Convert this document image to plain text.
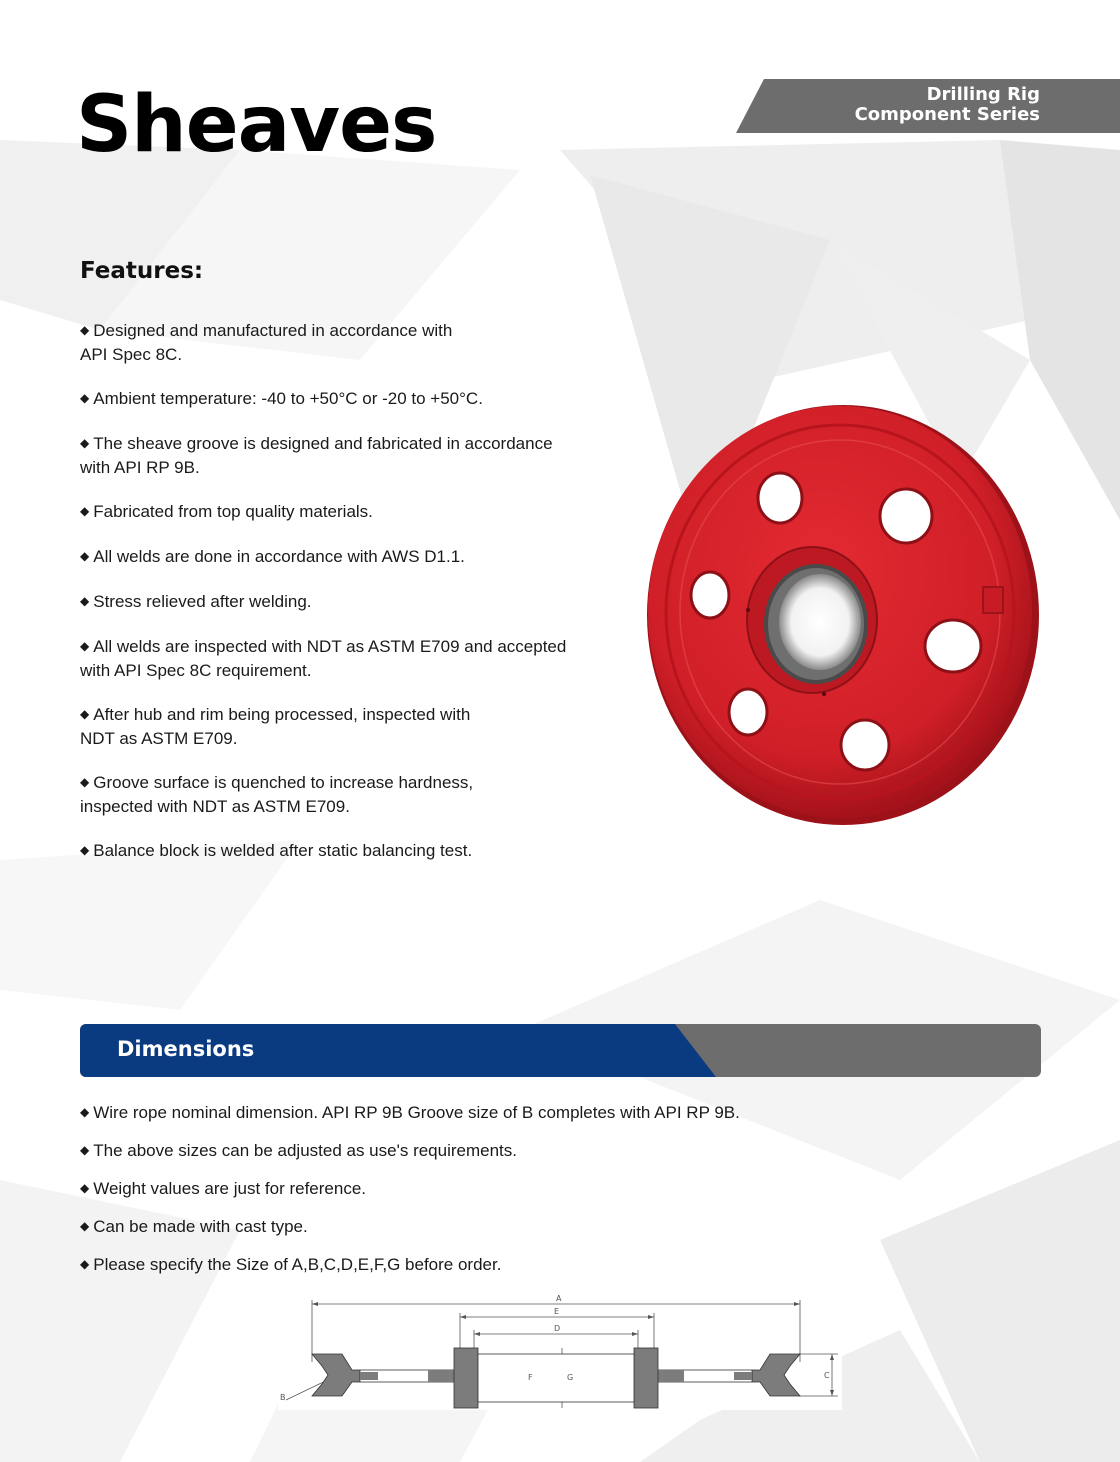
Sheaves	Drilling Rig
Component Series
Features:
◆ Designed and manufactured in accordance with
API Spec 8C.
◆ Ambient temperature: -40 to +50°C or -20 to +50°C.
◆ The sheave groove is designed and fabricated in accordance
with API RP 9B.
◆ Fabricated from top quality materials.
◆ All welds are done in accordance with AWS D1.1.
◆ Stress relieved after welding.
◆ All welds are inspected with NDT as ASTM E709 and accepted
with API Spec 8C requirement.
◆ After hub and rim being processed, inspected with
NDT as ASTM E709.
◆ Groove surface is quenched to increase hardness,
inspected with NDT as ASTM E709.
◆ Balance block is welded after static balancing test.
Dimensions
◆ Wire rope nominal dimension. API RP 9B Groove size of B completes with API RP 9B.
◆ The above sizes can be adjusted as use's requirements.
◆ Weight values are just for reference.
◆ Can be made with cast type.
◆ Please specify the Size of A,B,C,D,E,F,G before order.
A
E
D
B
C
F	G
